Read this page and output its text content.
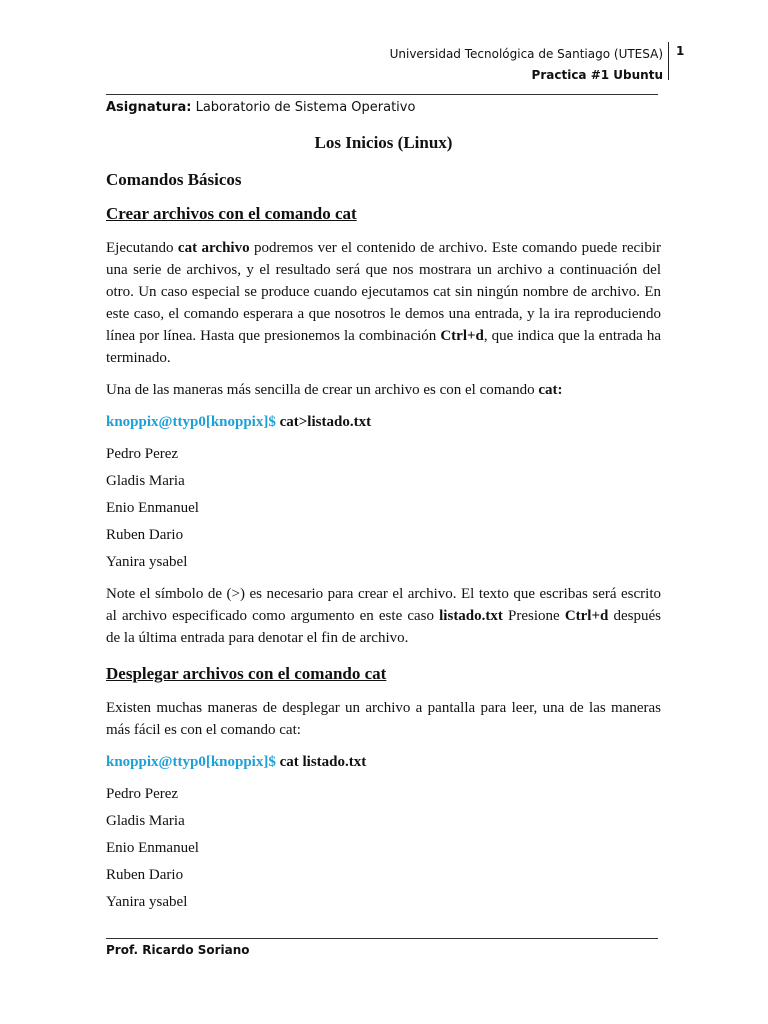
Universidad Tecnológica de Santiago (UTESA)
Practica #1 Ubuntu
1
Asignatura: Laboratorio de Sistema Operativo
Los Inicios (Linux)
Comandos Básicos
Crear archivos con el comando cat

Ejecutando cat archivo podremos ver el contenido de archivo. Este comando puede recibir una serie de archivos, y el resultado será que nos mostrara un archivo a continuación del otro. Un caso especial se produce cuando ejecutamos cat sin ningún nombre de archivo. En este caso, el comando esperara a que nosotros le demos una entrada, y la ira reproduciendo línea por línea. Hasta que presionemos la combinación Ctrl+d, que indica que la entrada ha terminado.

Una de las maneras más sencilla de crear un archivo es con el comando cat:

knoppix@ttyp0[knoppix]$ cat>listado.txt
Pedro Perez
Gladis Maria
Enio Enmanuel
Ruben Dario
Yanira ysabel

Note el símbolo de (>) es necesario para crear el archivo. El texto que escribas será escrito al archivo especificado como argumento en este caso listado.txt Presione Ctrl+d después de la última entrada para denotar el fin de archivo.

Desplegar archivos con el comando cat

Existen muchas maneras de desplegar un archivo a pantalla para leer, una de las maneras más fácil es con el comando cat:

knoppix@ttyp0[knoppix]$ cat listado.txt
Pedro Perez
Gladis Maria
Enio Enmanuel
Ruben Dario
Yanira ysabel
Prof. Ricardo Soriano
